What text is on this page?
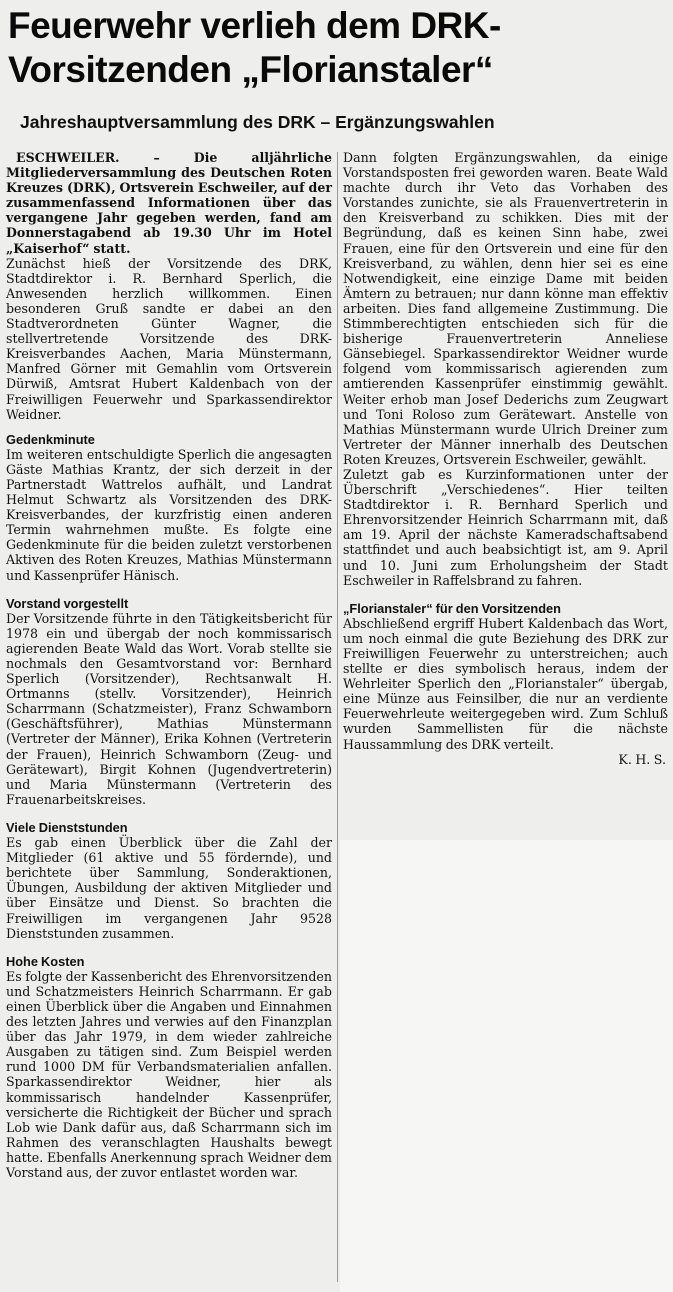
Feuerwehr verlieh dem DRK-
Vorsitzenden „Florianstaler“
Jahreshauptversammlung des DRK – Ergänzungswahlen

ESCHWEILER. – Die alljährliche Mitgliederversammlung des Deutschen Roten Kreuzes (DRK), Ortsverein Eschweiler, auf der zusammenfassend Informationen über das vergangene Jahr gegeben werden, fand am Donnerstagabend ab 19.30 Uhr im Hotel „Kaiserhof“ statt.

Zunächst hieß der Vorsitzende des DRK, Stadtdirektor i. R. Bernhard Sperlich, die Anwesenden herzlich willkommen. Einen besonderen Gruß sandte er dabei an den Stadtverordneten Günter Wagner, die stellvertretende Vorsitzende des DRK-Kreisverbandes Aachen, Maria Münstermann, Manfred Görner mit Gemahlin vom Ortsverein Dürwiß, Amtsrat Hubert Kaldenbach von der Freiwilligen Feuerwehr und Sparkassendirektor Weidner.

Gedenkminute

Im weiteren entschuldigte Sperlich die angesagten Gäste Mathias Krantz, der sich derzeit in der Partnerstadt Wattrelos aufhält, und Landrat Helmut Schwartz als Vorsitzenden des DRK-Kreisverbandes, der kurzfristig einen anderen Termin wahrnehmen mußte. Es folgte eine Gedenkminute für die beiden zuletzt verstorbenen Aktiven des Roten Kreuzes, Mathias Münstermann und Kassenprüfer Hänisch.

Vorstand vorgestellt

Der Vorsitzende führte in den Tätigkeitsbericht für 1978 ein und übergab der noch kommissarisch agierenden Beate Wald das Wort. Vorab stellte sie nochmals den Gesamtvorstand vor: Bernhard Sperlich (Vorsitzender), Rechtsanwalt H. Ortmanns (stellv. Vorsitzender), Heinrich Scharrmann (Schatzmeister), Franz Schwamborn (Geschäftsführer), Mathias Münstermann (Vertreter der Männer), Erika Kohnen (Vertreterin der Frauen), Heinrich Schwamborn (Zeug- und Gerätewart), Birgit Kohnen (Jugendvertreterin) und Maria Münstermann (Vertreterin des Frauenarbeitskreises.

Viele Dienststunden

Es gab einen Überblick über die Zahl der Mitglieder (61 aktive und 55 fördernde), und berichtete über Sammlung, Sonderaktionen, Übungen, Ausbildung der aktiven Mitglieder und über Einsätze und Dienst. So brachten die Freiwilligen im vergangenen Jahr 9528 Dienststunden zusammen.

Hohe Kosten

Es folgte der Kassenbericht des Ehrenvorsitzenden und Schatzmeisters Heinrich Scharrmann. Er gab einen Überblick über die Angaben und Einnahmen des letzten Jahres und verwies auf den Finanzplan über das Jahr 1979, in dem wieder zahlreiche Ausgaben zu tätigen sind. Zum Beispiel werden rund 1000 DM für Verbandsmaterialien anfallen. Sparkassendirektor Weidner, hier als kommissarisch handelnder Kassenprüfer, versicherte die Richtigkeit der Bücher und sprach Lob wie Dank dafür aus, daß Scharrmann sich im Rahmen des veranschlagten Haushalts bewegt hatte. Ebenfalls Anerkennung sprach Weidner dem Vorstand aus, der zuvor entlastet worden war.

Dann folgten Ergänzungswahlen, da einige Vorstandsposten frei geworden waren. Beate Wald machte durch ihr Veto das Vorhaben des Vorstandes zunichte, sie als Frauenvertreterin in den Kreisverband zu schikken. Dies mit der Begründung, daß es keinen Sinn habe, zwei Frauen, eine für den Ortsverein und eine für den Kreisverband, zu wählen, denn hier sei es eine Notwendigkeit, eine einzige Dame mit beiden Ämtern zu betrauen; nur dann könne man effektiv arbeiten. Dies fand allgemeine Zustimmung. Die Stimmberechtigten entschieden sich für die bisherige Frauenvertreterin Anneliese Gänsebiegel. Sparkassendirektor Weidner wurde folgend vom kommissarisch agierenden zum amtierenden Kassenprüfer einstimmig gewählt. Weiter erhob man Josef Dederichs zum Zeugwart und Toni Roloso zum Gerätewart. Anstelle von Mathias Münstermann wurde Ulrich Dreiner zum Vertreter der Männer innerhalb des Deutschen Roten Kreuzes, Ortsverein Eschweiler, gewählt.

Zuletzt gab es Kurzinformationen unter der Überschrift „Verschiedenes“. Hier teilten Stadtdirektor i. R. Bernhard Sperlich und Ehrenvorsitzender Heinrich Scharrmann mit, daß am 19. April der nächste Kameradschaftsabend stattfindet und auch beabsichtigt ist, am 9. April und 10. Juni zum Erholungsheim der Stadt Eschweiler in Raffelsbrand zu fahren.

„Florianstaler“ für den Vorsitzenden

Abschließend ergriff Hubert Kaldenbach das Wort, um noch einmal die gute Beziehung des DRK zur Freiwilligen Feuerwehr zu unterstreichen; auch stellte er dies symbolisch heraus, indem der Wehrleiter Sperlich den „Florianstaler“ übergab, eine Münze aus Feinsilber, die nur an verdiente Feuerwehrleute weitergegeben wird. Zum Schluß wurden Sammellisten für die nächste Haussammlung des DRK verteilt.

K. H. S.
